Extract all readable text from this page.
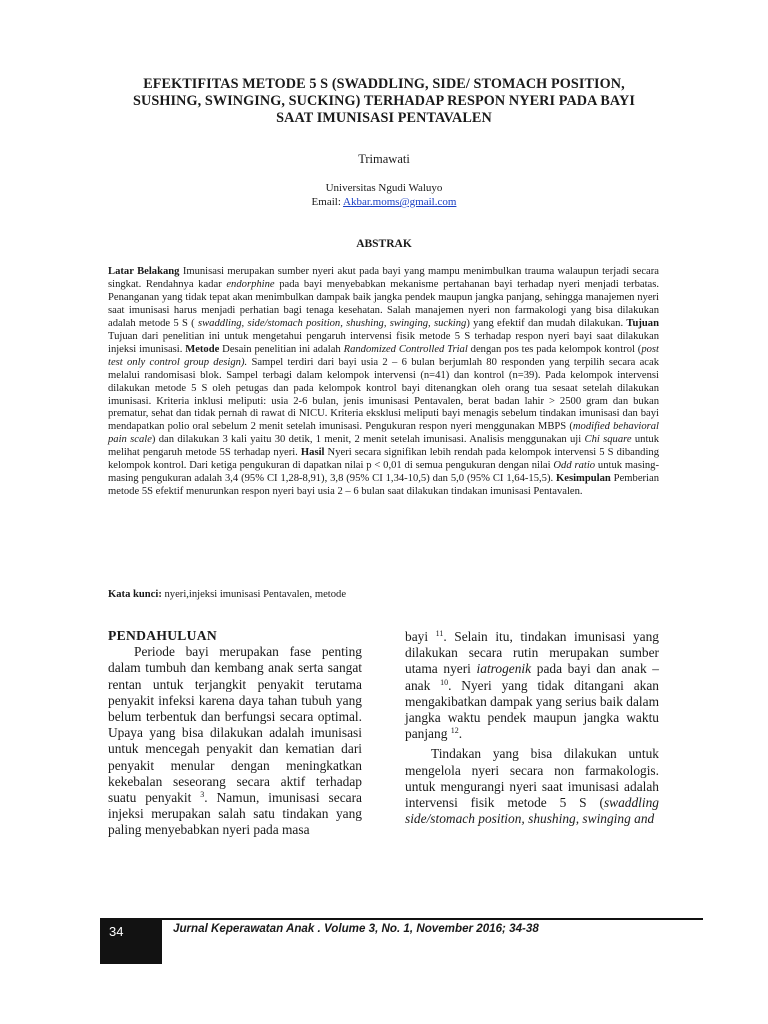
EFEKTIFITAS METODE 5 S (SWADDLING, SIDE/ STOMACH POSITION,
SUSHING, SWINGING, SUCKING) TERHADAP RESPON NYERI PADA BAYI
SAAT IMUNISASI PENTAVALEN
Trimawati
Universitas Ngudi Waluyo
Email: Akbar.moms@gmail.com
ABSTRAK
Latar Belakang Imunisasi merupakan sumber nyeri akut pada bayi yang mampu menimbulkan trauma walaupun terjadi secara singkat. Rendahnya kadar endorphine pada bayi menyebabkan mekanisme pertahanan bayi terhadap nyeri menjadi terbatas. Penanganan yang tidak tepat akan menimbulkan dampak baik jangka pendek maupun jangka panjang, sehingga manajemen nyeri saat imunisasi harus menjadi perhatian bagi tenaga kesehatan. Salah manajemen nyeri non farmakologi yang bisa dilakukan adalah metode 5 S ( swaddling, side/stomach position, shushing, swinging, sucking) yang efektif dan mudah dilakukan. Tujuan Tujuan dari penelitian ini untuk mengetahui pengaruh intervensi fisik metode 5 S terhadap respon nyeri bayi saat dilakukan injeksi imunisasi. Metode Desain penelitian ini adalah Randomized Controlled Trial dengan pos tes pada kelompok kontrol (post test only control group design). Sampel terdiri dari bayi usia 2 – 6 bulan berjumlah 80 responden yang terpilih secara acak melalui randomisasi blok. Sampel terbagi dalam kelompok intervensi (n=41) dan kontrol (n=39). Pada kelompok intervensi dilakukan metode 5 S oleh petugas dan pada kelompok kontrol bayi ditenangkan oleh orang tua sesaat setelah dilakukan imunisasi. Kriteria inklusi meliputi: usia 2-6 bulan, jenis imunisasi Pentavalen, berat badan lahir > 2500 gram dan bukan prematur, sehat dan tidak pernah di rawat di NICU. Kriteria eksklusi meliputi bayi menagis sebelum tindakan imunisasi dan bayi mendapatkan polio oral sebelum 2 menit setelah imunisasi. Pengukuran respon nyeri menggunakan MBPS (modified behavioral pain scale) dan dilakukan 3 kali yaitu 30 detik, 1 menit, 2 menit setelah imunisasi. Analisis menggunakan uji Chi square untuk melihat pengaruh metode 5S terhadap nyeri. Hasil Nyeri secara signifikan lebih rendah pada kelompok intervensi 5 S dibanding kelompok kontrol. Dari ketiga pengukuran di dapatkan nilai p < 0,01 di semua pengukuran dengan nilai Odd ratio untuk masing-masing pengukuran adalah 3,4 (95% CI 1,28-8,91), 3,8 (95% CI 1,34-10,5) dan 5,0 (95% CI 1,64-15,5). Kesimpulan Pemberian metode 5S efektif menurunkan respon nyeri bayi usia 2 – 6 bulan saat dilakukan tindakan imunisasi Pentavalen.
Kata kunci: nyeri,injeksi imunisasi Pentavalen, metode
PENDAHULUAN

Periode bayi merupakan fase penting dalam tumbuh dan kembang anak serta sangat rentan untuk terjangkit penyakit terutama penyakit infeksi karena daya tahan tubuh yang belum terbentuk dan berfungsi secara optimal. Upaya yang bisa dilakukan adalah imunisasi untuk mencegah penyakit dan kematian dari penyakit menular dengan meningkatkan kekebalan seseorang secara aktif terhadap suatu penyakit $^3$. Namun, imunisasi secara injeksi merupakan salah satu tindakan yang paling menyebabkan nyeri pada masa

bayi $^{11}$. Selain itu, tindakan imunisasi yang dilakukan secara rutin merupakan sumber utama nyeri iatrogenik pada bayi dan anak – anak $^{10}$. Nyeri yang tidak ditangani akan mengakibatkan dampak yang serius baik dalam jangka waktu pendek maupun jangka waktu panjang $^{12}$.

Tindakan yang bisa dilakukan untuk mengelola nyeri secara non farmakologis. untuk mengurangi nyeri saat imunisasi adalah intervensi fisik metode 5 S (swaddling side/stomach position, shushing, swinging and

34	Jurnal Keperawatan Anak . Volume 3, No. 1, November 2016; 34-38
